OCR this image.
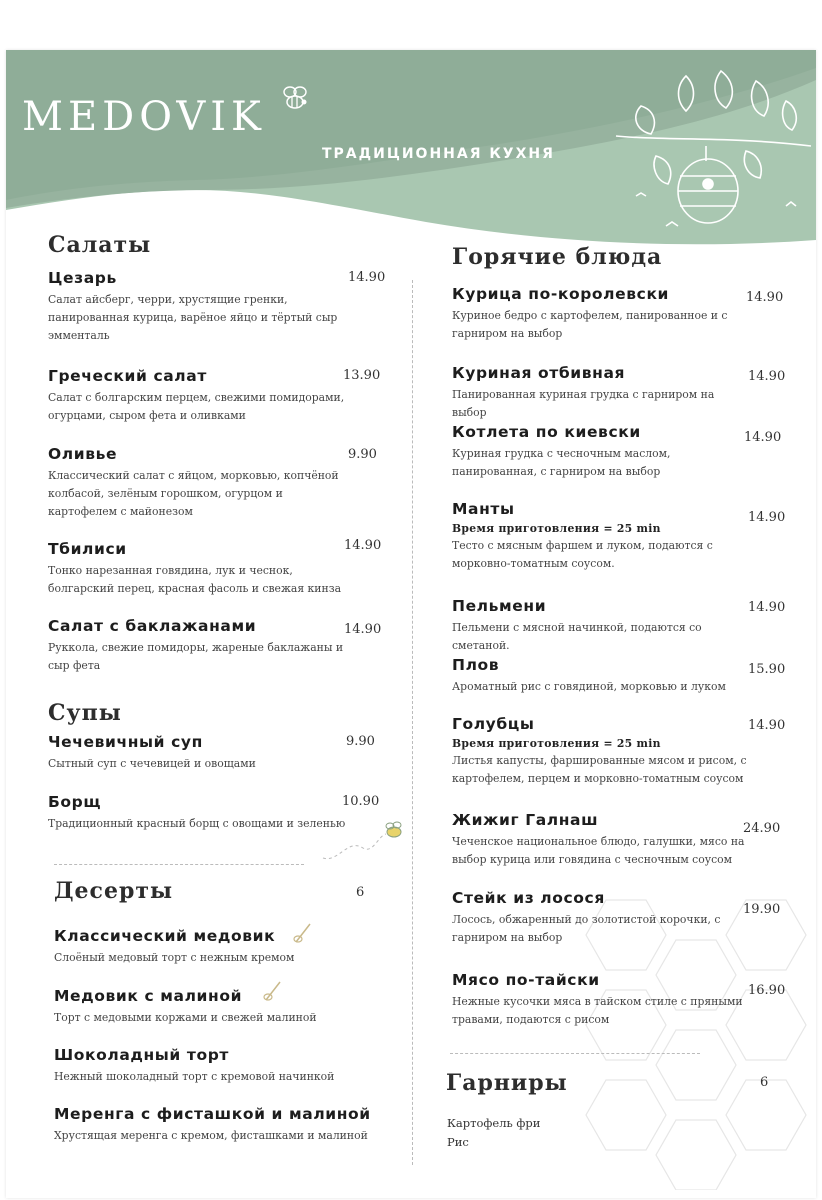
MEDOVIK
ТРАДИЦИОННАЯ КУХНЯ
Салаты
Цезарь
Салат айсберг, черри, хрустящие гренки, панированная курица, варёное яйцо и тёртый сыр эмменталь
14.90
Греческий салат
Салат с болгарским перцем, свежими помидорами, огурцами, сыром фета и оливками
13.90
Оливье
Классический салат с яйцом, морковью, копчёной колбасой, зелёным горошком, огурцом и картофелем с майонезом
9.90
Тбилиси
Тонко нарезанная говядина, лук и чеснок, болгарский перец, красная фасоль и свежая кинза
14.90
Салат с баклажанами
Руккола, свежие помидоры, жареные баклажаны и сыр фета
14.90
Супы
Чечевичный суп
Сытный суп с чечевицей и овощами
9.90
Борщ
Традиционный красный борщ с овощами и зеленью
10.90
Десерты	6
Классический медовик
Слоёный медовый торт с нежным кремом
Медовик с малиной
Торт с медовыми коржами и свежей малиной
Шоколадный торт
Нежный шоколадный торт с кремовой начинкой
Меренга с фисташкой и малиной
Хрустящая меренга с кремом, фисташками и малиной
Горячие блюда
Курица по-королевски
Куриное бедро с картофелем, панированное и с гарниром на выбор
14.90
Куриная отбивная
Панированная куриная грудка с гарниром на выбор
14.90
Котлета по киевски
Куриная грудка с чесночным маслом, панированная, с гарниром на выбор
14.90
Манты
Время приготовления = 25 min
Тесто с мясным фаршем и луком, подаются с морковно-томатным соусом.
14.90
Пельмени
Пельмени с мясной начинкой, подаются со сметаной.
14.90
Плов
Ароматный рис с говядиной, морковью и луком
15.90
Голубцы
Время приготовления = 25 min
Листья капусты, фаршированные мясом и рисом, с картофелем, перцем и морковно-томатным соусом
14.90
Жижиг Галнаш
Чеченское национальное блюдо, галушки, мясо на выбор курица или говядина с чесночным соусом
24.90
Стейк из лосося
Лосось, обжаренный до золотистой корочки, с гарниром на выбор
19.90
Мясо по-тайски
Нежные кусочки мяса в тайском стиле с пряными травами, подаются с рисом
16.90
Гарниры	6
Картофель фри
Рис
